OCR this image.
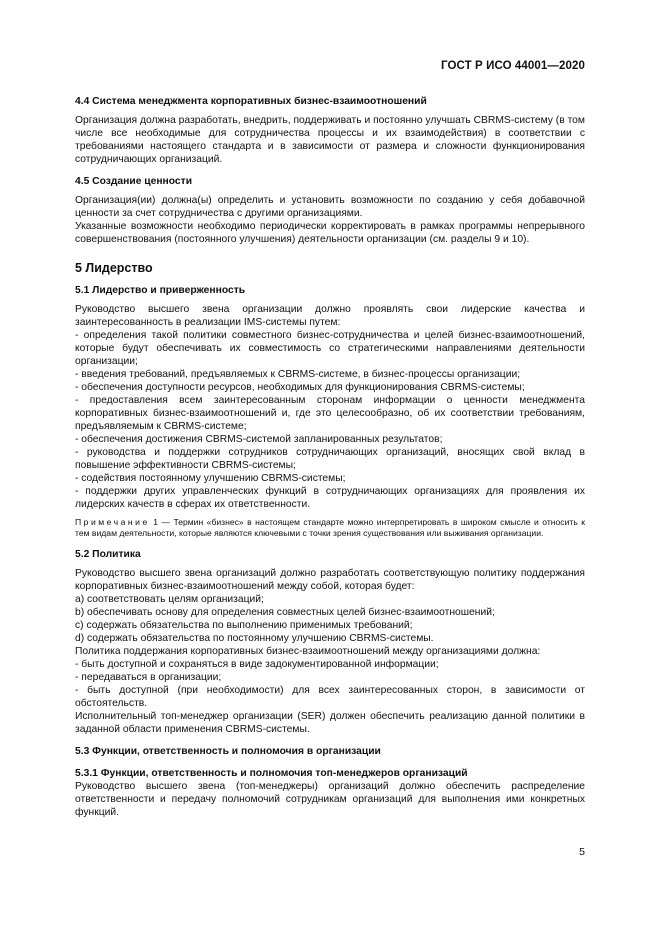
ГОСТ Р ИСО 44001—2020
4.4 Система менеджмента корпоративных бизнес-взаимоотношений

Организация должна разработать, внедрить, поддерживать и постоянно улучшать CBRMS-систему (в том числе все необходимые для сотрудничества процессы и их взаимодействия) в соответствии с требованиями настоящего стандарта и в зависимости от размера и сложности функционирования сотрудничающих организаций.

4.5 Создание ценности

Организация(ии) должна(ы) определить и установить возможности по созданию у себя добавочной ценности за счет сотрудничества с другими организациями.

Указанные возможности необходимо периодически корректировать в рамках программы непрерывного совершенствования (постоянного улучшения) деятельности организации (см. разделы 9 и 10).

5 Лидерство
5.1 Лидерство и приверженность

Руководство высшего звена организации должно проявлять свои лидерские качества и заинтересованность в реализации IMS-системы путем:

- определения такой политики совместного бизнес-сотрудничества и целей бизнес-взаимоотношений, которые будут обеспечивать их совместимость со стратегическими направлениями деятельности организации;

- введения требований, предъявляемых к CBRMS-системе, в бизнес-процессы организации;

- обеспечения доступности ресурсов, необходимых для функционирования CBRMS-системы;

- предоставления всем заинтересованным сторонам информации о ценности менеджмента корпоративных бизнес-взаимоотношений и, где это целесообразно, об их соответствии требованиям, предъявляемым к CBRMS-системе;

- обеспечения достижения CBRMS-системой запланированных результатов;

- руководства и поддержки сотрудников сотрудничающих организаций, вносящих свой вклад в повышение эффективности CBRMS-системы;

- содействия постоянному улучшению CBRMS-системы;

- поддержки других управленческих функций в сотрудничающих организациях для проявления их лидерских качеств в сферах их ответственности.

Примечание 1 — Термин «бизнес» в настоящем стандарте можно интерпретировать в широком смысле и относить к тем видам деятельности, которые являются ключевыми с точки зрения существования или выживания организации.

5.2 Политика

Руководство высшего звена организаций должно разработать соответствующую политику поддержания корпоративных бизнес-взаимоотношений между собой, которая будет:

a) соответствовать целям организаций;

b) обеспечивать основу для определения совместных целей бизнес-взаимоотношений;

c) содержать обязательства по выполнению применимых требований;

d) содержать обязательства по постоянному улучшению CBRMS-системы.

Политика поддержания корпоративных бизнес-взаимоотношений между организациями должна:

- быть доступной и сохраняться в виде задокументированной информации;

- передаваться в организации;

- быть доступной (при необходимости) для всех заинтересованных сторон, в зависимости от обстоятельств.

Исполнительный топ-менеджер организации (SER) должен обеспечить реализацию данной политики в заданной области применения CBRMS-системы.

5.3 Функции, ответственность и полномочия в организации
5.3.1 Функции, ответственность и полномочия топ-менеджеров организаций

Руководство высшего звена (топ-менеджеры) организаций должно обеспечить распределение ответственности и передачу полномочий сотрудникам организаций для выполнения ими конкретных функций.

5
